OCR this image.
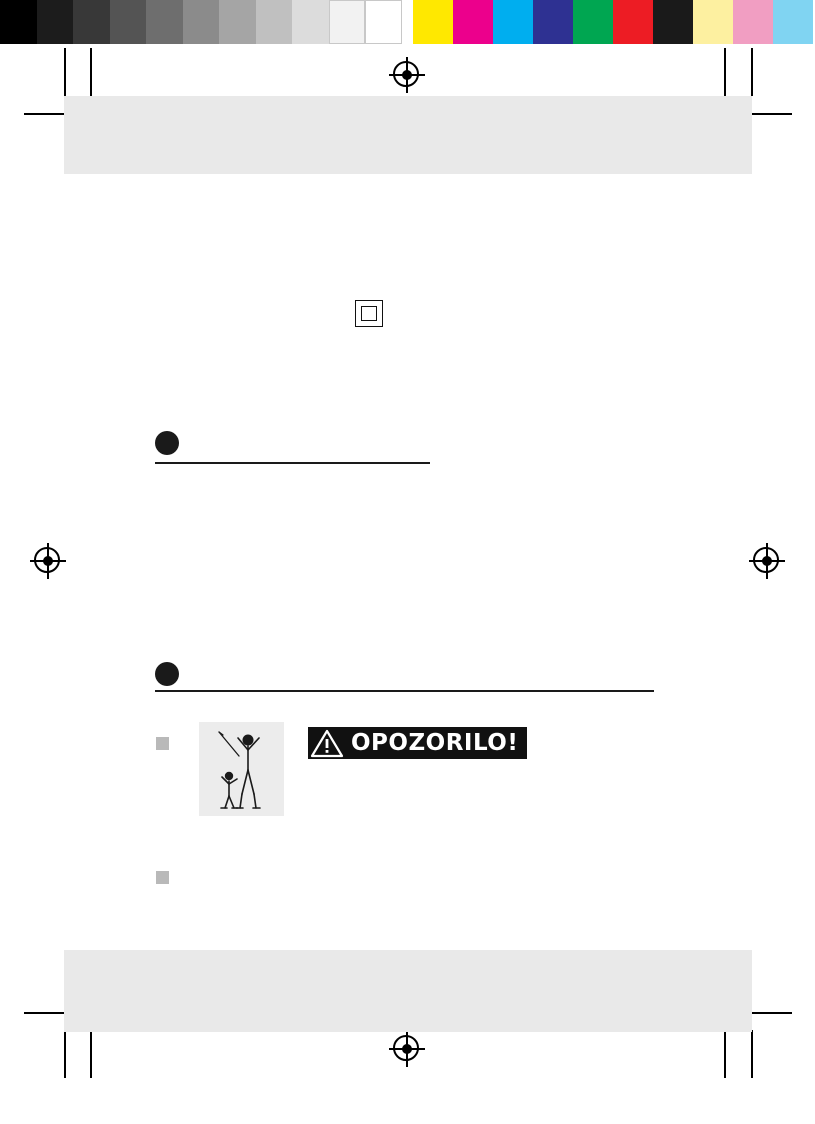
OPOZORILO!
